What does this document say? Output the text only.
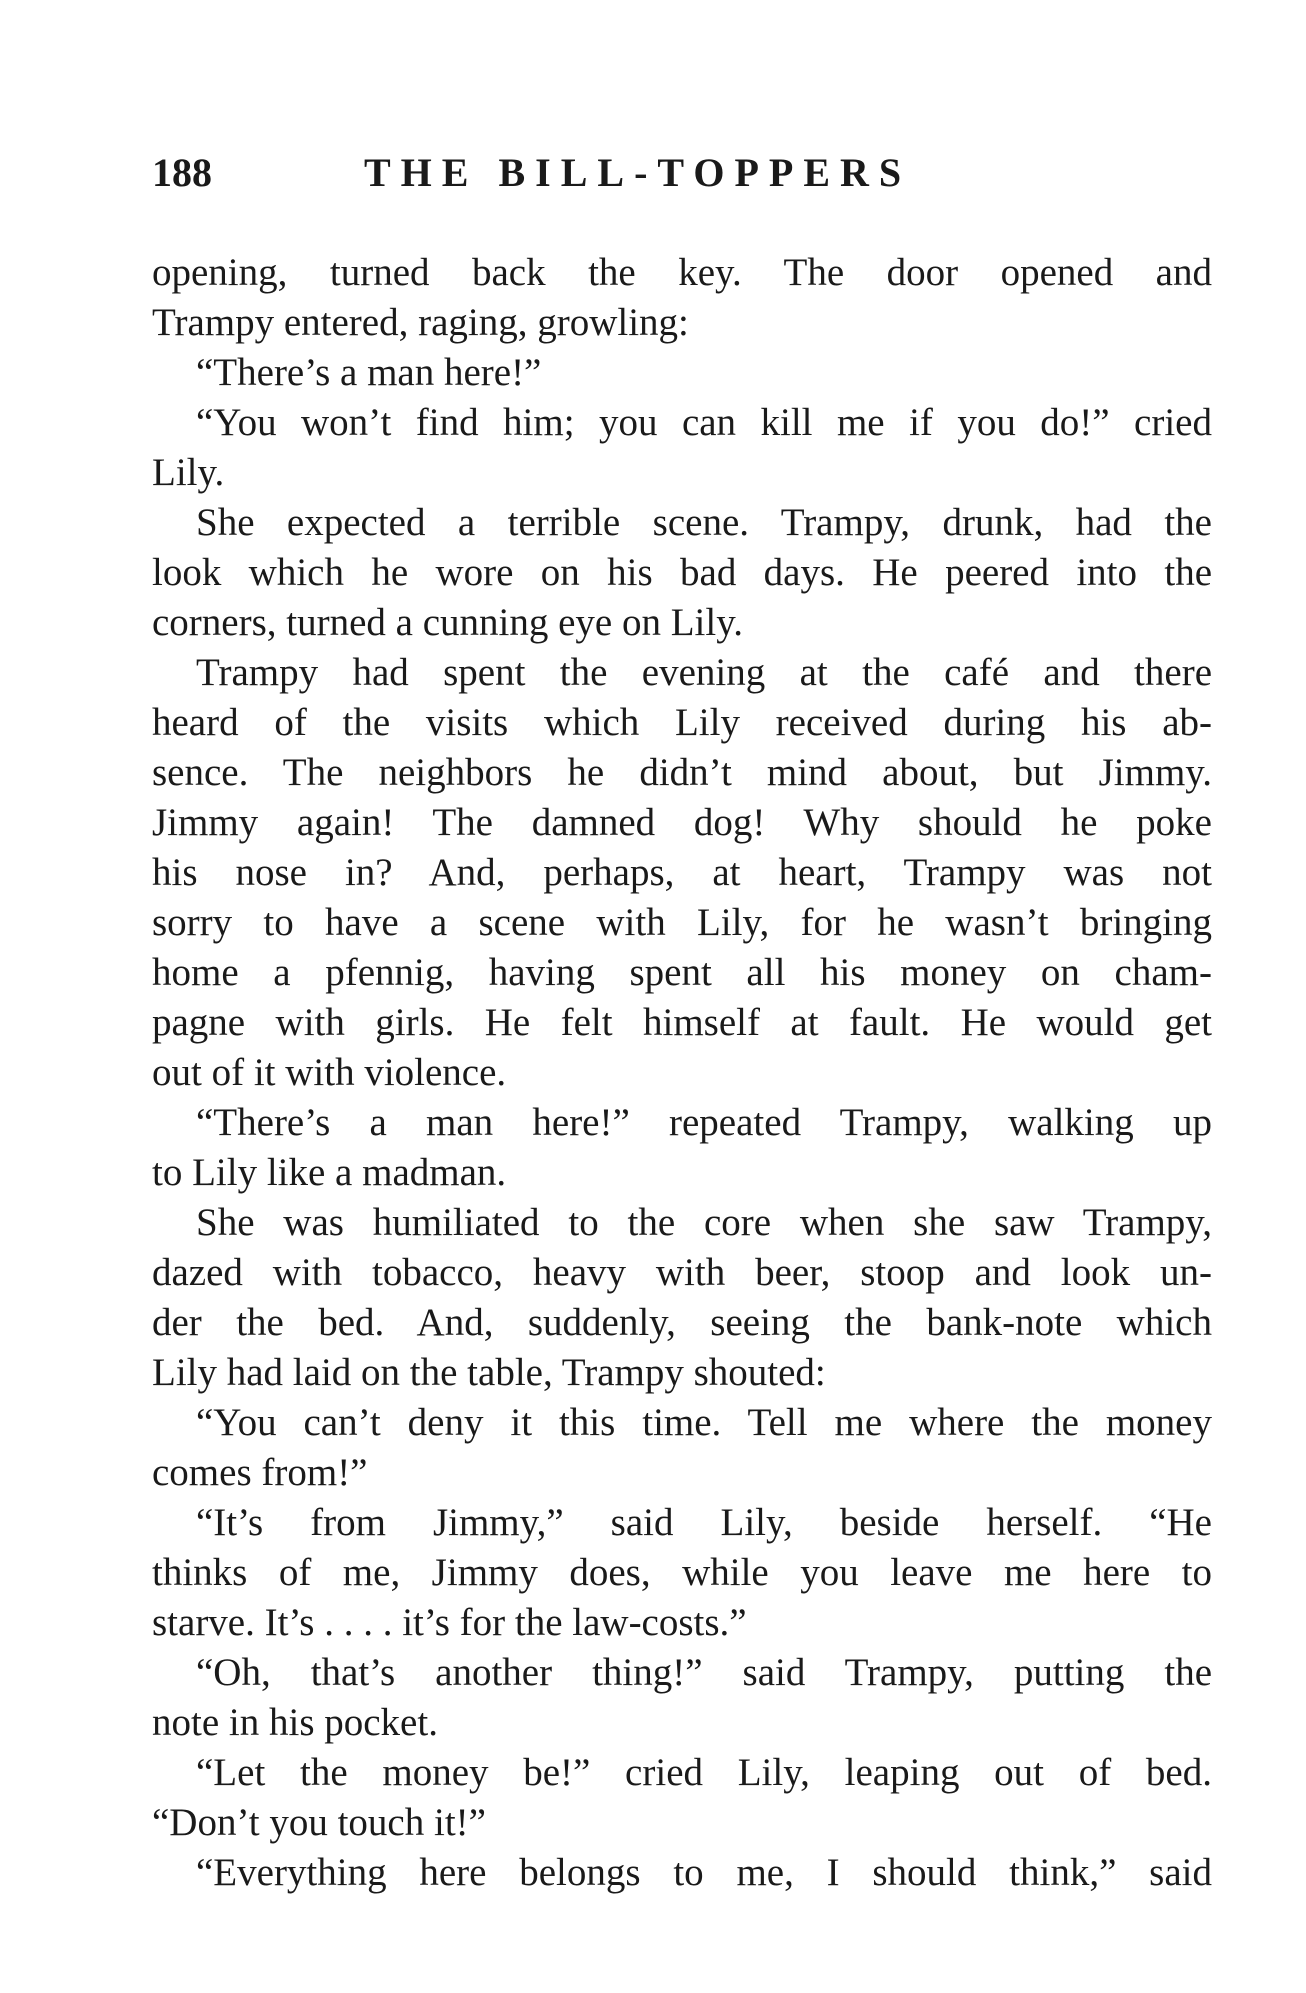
188	THE BILL-TOPPERS
opening, turned back the key. The door opened and
Trampy entered, raging, growling:
“There’s a man here!”
“You won’t find him; you can kill me if you do!” cried
Lily.
She expected a terrible scene. Trampy, drunk, had the
look which he wore on his bad days. He peered into the
corners, turned a cunning eye on Lily.
Trampy had spent the evening at the café and there
heard of the visits which Lily received during his ab-
sence. The neighbors he didn’t mind about, but Jimmy.
Jimmy again! The damned dog! Why should he poke
his nose in? And, perhaps, at heart, Trampy was not
sorry to have a scene with Lily, for he wasn’t bringing
home a pfennig, having spent all his money on cham-
pagne with girls. He felt himself at fault. He would get
out of it with violence.
“There’s a man here!” repeated Trampy, walking up
to Lily like a madman.
She was humiliated to the core when she saw Trampy,
dazed with tobacco, heavy with beer, stoop and look un-
der the bed. And, suddenly, seeing the bank-note which
Lily had laid on the table, Trampy shouted:
“You can’t deny it this time. Tell me where the money
comes from!”
“It’s from Jimmy,” said Lily, beside herself. “He
thinks of me, Jimmy does, while you leave me here to
starve. It’s . . . . it’s for the law-costs.”
“Oh, that’s another thing!” said Trampy, putting the
note in his pocket.
“Let the money be!” cried Lily, leaping out of bed.
“Don’t you touch it!”
“Everything here belongs to me, I should think,” said
